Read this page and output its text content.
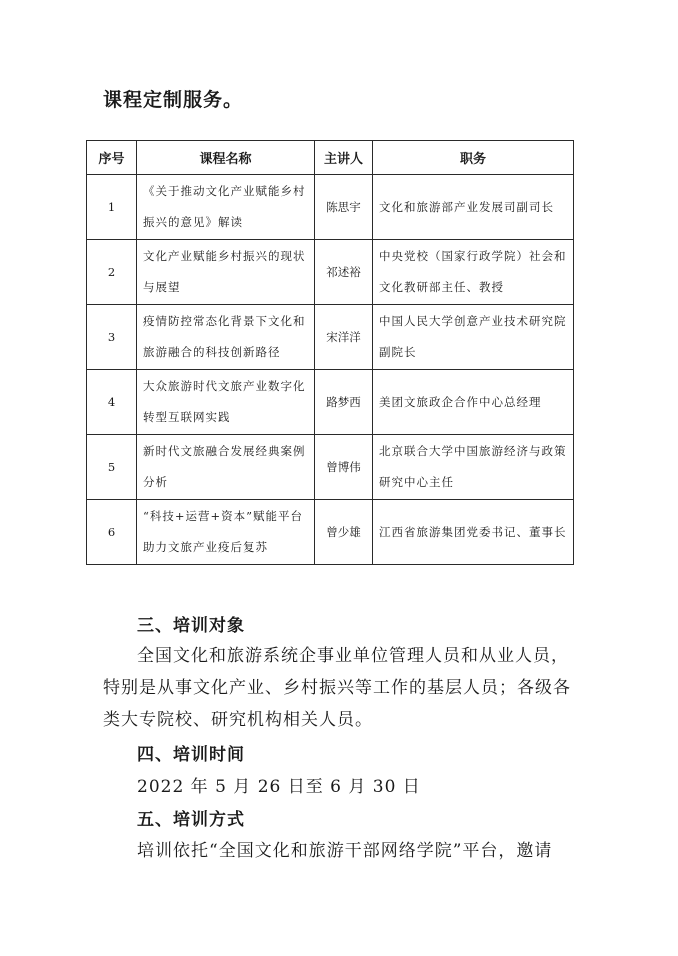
课程定制服务。
序号	课程名称	主讲人	职务
1	《关于推动文化产业赋能乡村振兴的意见》解读	陈思宇	文化和旅游部产业发展司副司长
2	文化产业赋能乡村振兴的现状与展望	祁述裕	中央党校（国家行政学院）社会和文化教研部主任、教授
3	疫情防控常态化背景下文化和旅游融合的科技创新路径	宋洋洋	中国人民大学创意产业技术研究院副院长
4	大众旅游时代文旅产业数字化转型互联网实践	路梦西	美团文旅政企合作中心总经理
5	新时代文旅融合发展经典案例分析	曾博伟	北京联合大学中国旅游经济与政策研究中心主任
6	“科技+运营+资本”赋能平台 助力文旅产业疫后复苏	曾少雄	江西省旅游集团党委书记、董事长
三、培训对象

全国文化和旅游系统企事业单位管理人员和从业人员，特别是从事文化产业、乡村振兴等工作的基层人员；各级各类大专院校、研究机构相关人员。

四、培训时间
2022 年 5 月 26 日至 6 月 30 日
五、培训方式
培训依托“全国文化和旅游干部网络学院”平台，邀请
